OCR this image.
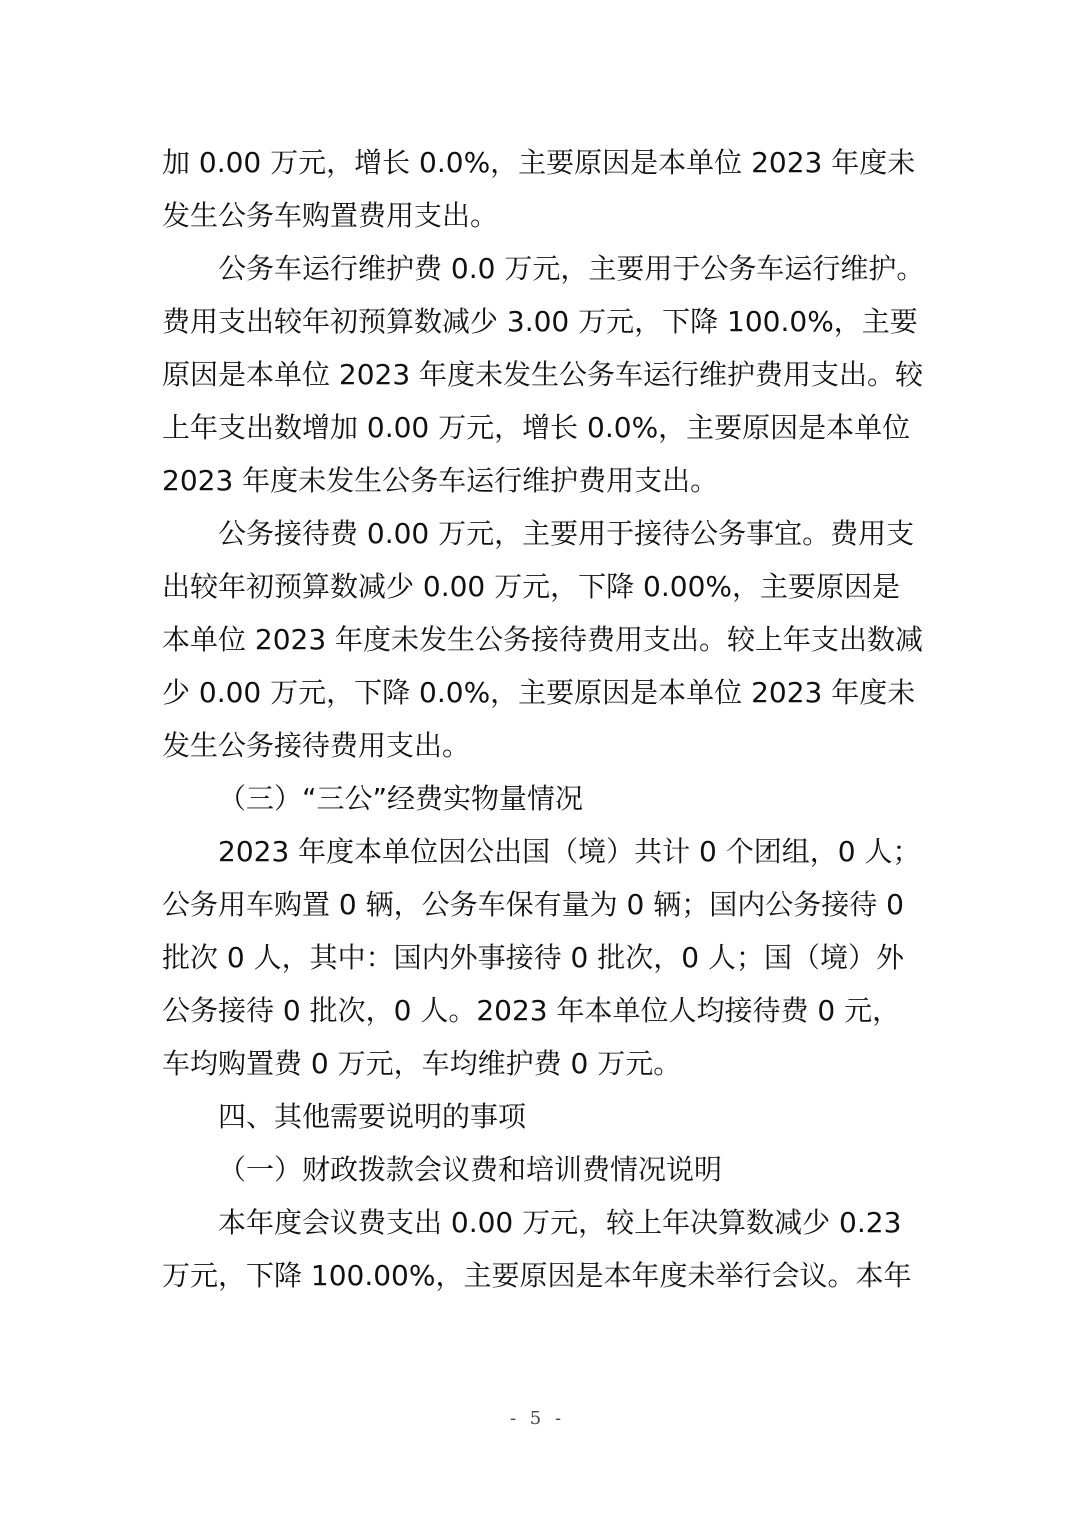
加 0.00 万元，增长 0.0%，主要原因是本单位 2023 年度未
发生公务车购置费用支出。
公务车运行维护费 0.0 万元，主要用于公务车运行维护。
费用支出较年初预算数减少 3.00 万元，下降 100.0%，主要
原因是本单位 2023 年度未发生公务车运行维护费用支出。较
上年支出数增加 0.00 万元，增长 0.0%，主要原因是本单位
2023 年度未发生公务车运行维护费用支出。
公务接待费 0.00 万元，主要用于接待公务事宜。费用支
出较年初预算数减少 0.00 万元，下降 0.00%，主要原因是
本单位 2023 年度未发生公务接待费用支出。较上年支出数减
少 0.00 万元，下降 0.0%，主要原因是本单位 2023 年度未
发生公务接待费用支出。
（三）“三公”经费实物量情况
2023 年度本单位因公出国（境）共计 0 个团组，0 人；
公务用车购置 0 辆，公务车保有量为 0 辆；国内公务接待 0
批次 0 人，其中：国内外事接待 0 批次，0 人；国（境）外
公务接待 0 批次，0 人。2023 年本单位人均接待费 0 元，
车均购置费 0 万元，车均维护费 0 万元。
四、其他需要说明的事项
（一）财政拨款会议费和培训费情况说明
本年度会议费支出 0.00 万元，较上年决算数减少 0.23
万元，下降 100.00%，主要原因是本年度未举行会议。本年
- 5 -
